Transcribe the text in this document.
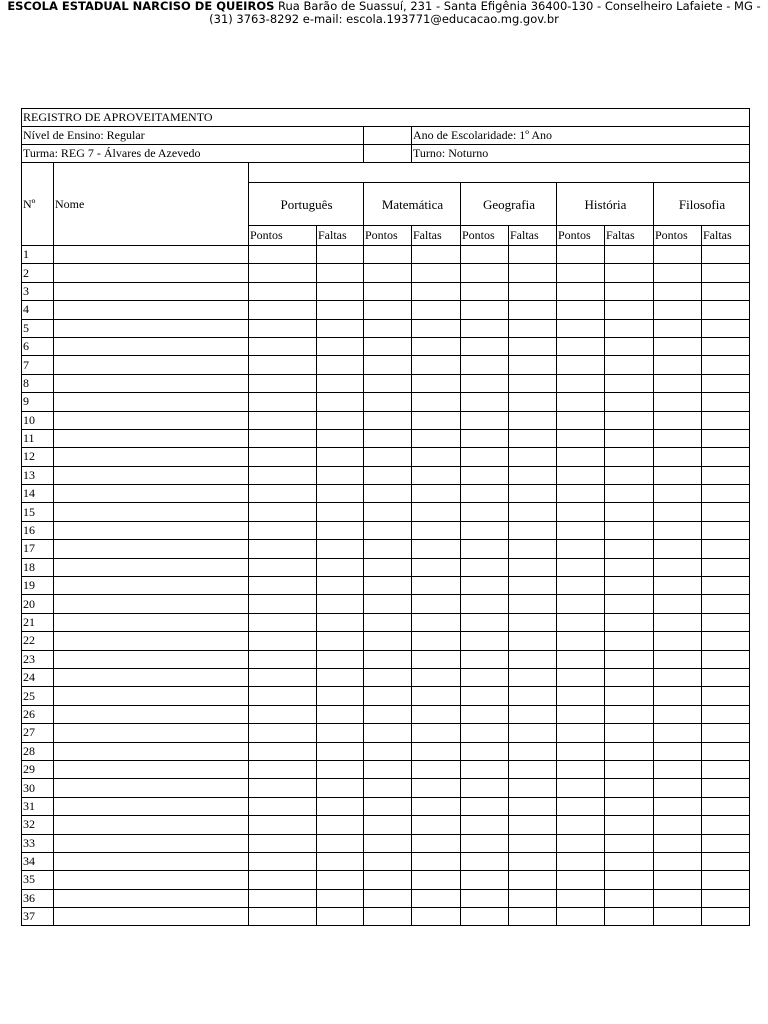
ESCOLA ESTADUAL NARCISO DE QUEIROS Rua Barão de Suassuí, 231 - Santa Efigênia 36400-130 - Conselheiro Lafaiete - MG -
(31) 3763-8292 e-mail: escola.193771@educacao.mg.gov.br
REGISTRO DE APROVEITAMENTO											
Nível de Ensino: Regular					Ano de Escolaridade: 1º Ano						
Turma: REG 7 - Álvares de Azevedo					Turno: Noturno						
Nº	Nome										
		Português		Matemática		Geografia		História		Filosofia	
		Pontos	Faltas	Pontos	Faltas	Pontos	Faltas	Pontos	Faltas	Pontos	Faltas
1											
2											
3											
4											
5											
6											
7											
8											
9											
10											
11											
12											
13											
14											
15											
16											
17											
18											
19											
20											
21											
22											
23											
24											
25											
26											
27											
28											
29											
30											
31											
32											
33											
34											
35											
36											
37											
